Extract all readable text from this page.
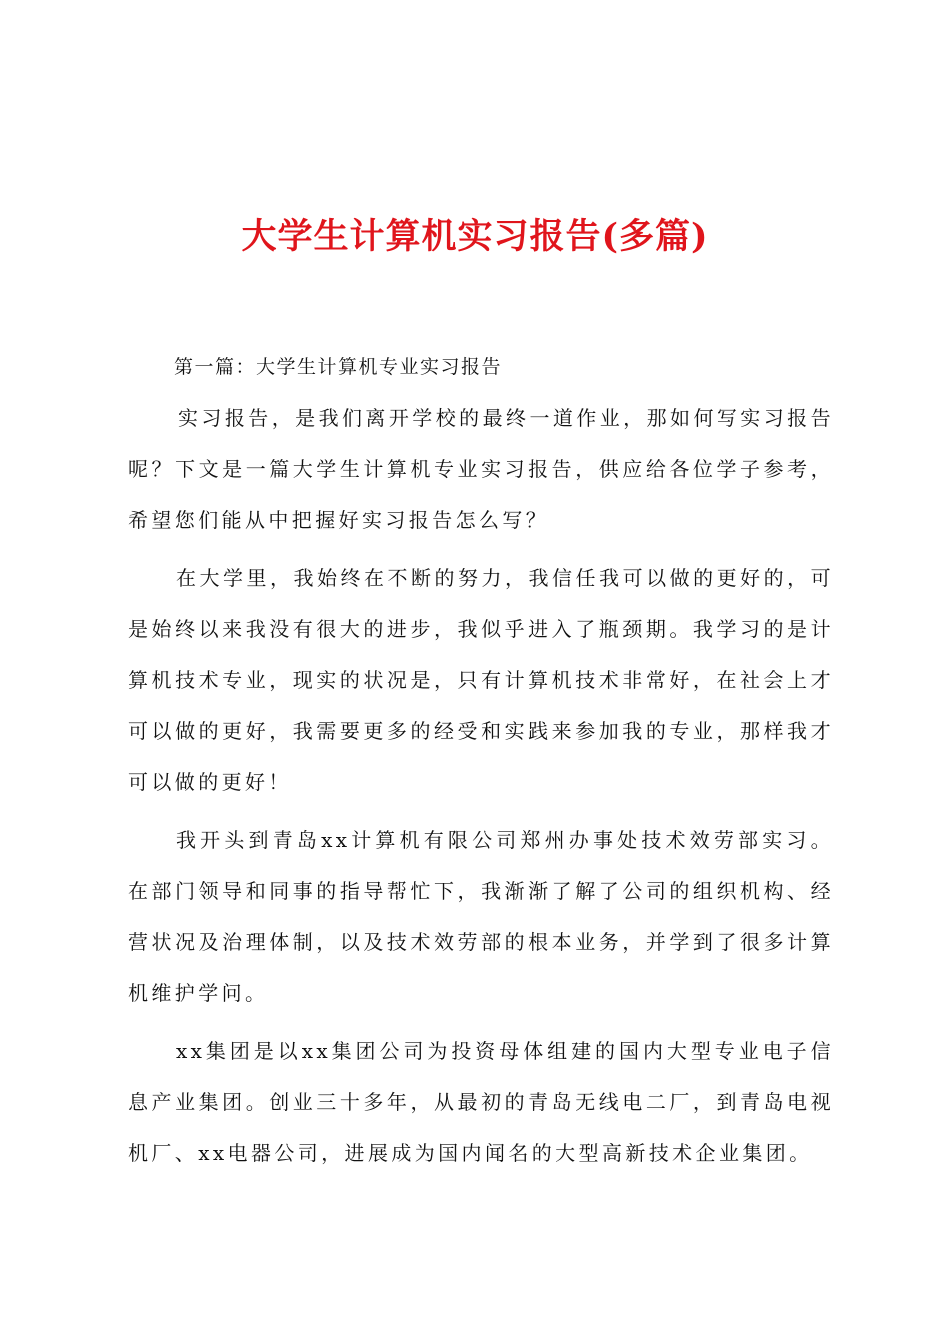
大学生计算机实习报告(多篇)

第一篇：大学生计算机专业实习报告

实习报告，是我们离开学校的最终一道作业，那如何写实习报告呢？下文是一篇大学生计算机专业实习报告，供应给各位学子参考，希望您们能从中把握好实习报告怎么写？

在大学里，我始终在不断的努力，我信任我可以做的更好的，可是始终以来我没有很大的进步，我似乎进入了瓶颈期。我学习的是计算机技术专业，现实的状况是，只有计算机技术非常好，在社会上才可以做的更好，我需要更多的经受和实践来参加我的专业，那样我才可以做的更好！

我开头到青岛xx计算机有限公司郑州办事处技术效劳部实习。在部门领导和同事的指导帮忙下，我渐渐了解了公司的组织机构、经营状况及治理体制，以及技术效劳部的根本业务，并学到了很多计算机维护学问。

xx集团是以xx集团公司为投资母体组建的国内大型专业电子信息产业集团。创业三十多年，从最初的青岛无线电二厂，到青岛电视机厂、xx电器公司，进展成为国内闻名的大型高新技术企业集团。
